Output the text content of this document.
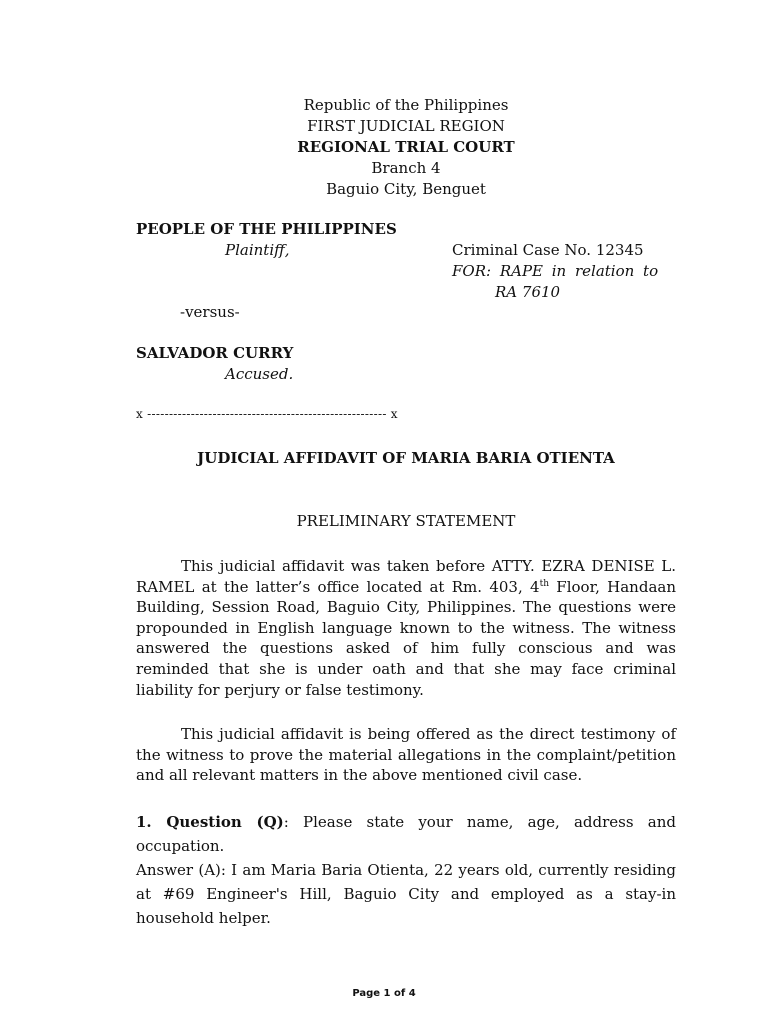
Republic of the Philippines
FIRST JUDICIAL REGION
REGIONAL TRIAL COURT
Branch 4
Baguio City, Benguet
PEOPLE OF THE PHILIPPINES
Plaintiff,	Criminal Case No. 12345
FOR: RAPE in relation to
RA 7610
-versus-
SALVADOR CURRY
Accused.
x ------------------------------------------------------- x
JUDICIAL AFFIDAVIT OF MARIA BARIA OTIENTA
PRELIMINARY STATEMENT

This judicial affidavit was taken before ATTY. EZRA DENISE L. RAMEL at the latter’s office located at Rm. 403, 4th Floor, Handaan Building, Session Road, Baguio City, Philippines. The questions were propounded in English language known to the witness. The witness answered the questions asked of him fully conscious and was reminded that she is under oath and that she may face criminal liability for perjury or false testimony.

This judicial affidavit is being offered as the direct testimony of the witness to prove the material allegations in the complaint/petition and all relevant matters in the above mentioned civil case.

1. Question (Q): Please state your name, age, address and occupation.

Answer (A): I am Maria Baria Otienta, 22 years old, currently residing at #69 Engineer's Hill, Baguio City and employed as a stay-in household helper.

Page 1 of 4
